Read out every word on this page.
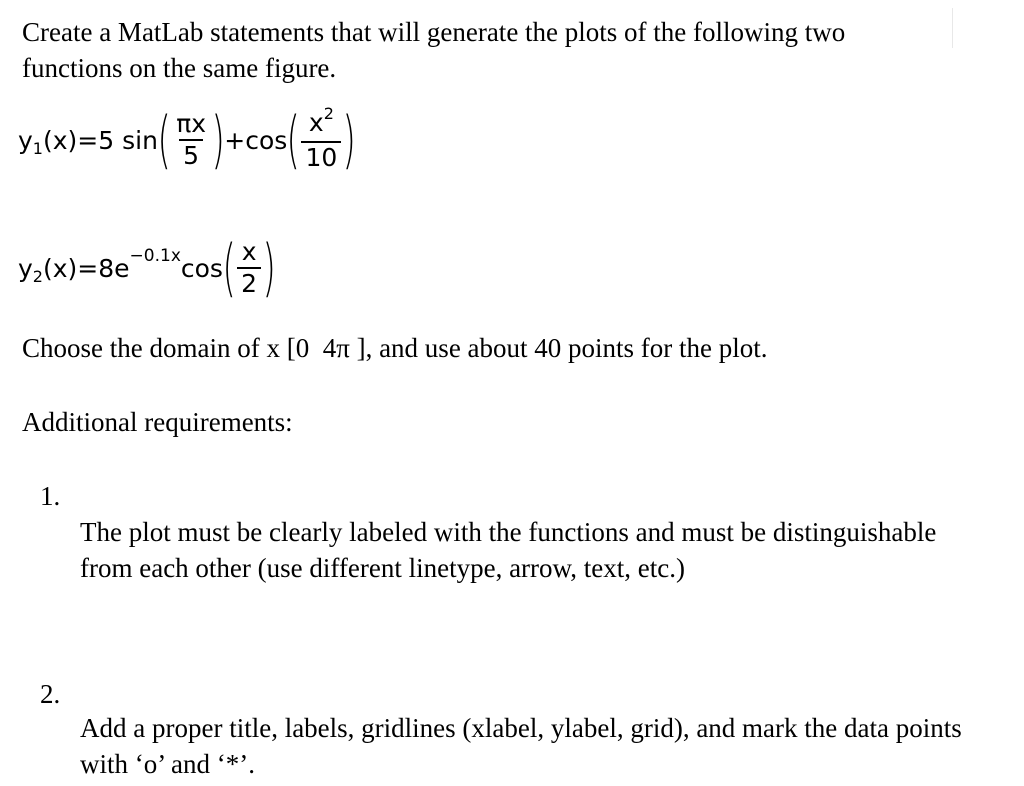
Create a MatLab statements that will generate the plots of the following two functions on the same figure.
y 1 (x) = 5 sin ( $\frac{\pi x}{5}$ ) + cos ( $\frac{x^2}{10}$ )
y 2 (x) = 8e −0.1x cos ( $\frac{x}{2}$ )
Choose the domain of x [0  4π ], and use about 40 points for the plot.
Additional requirements:
1.
The plot must be clearly labeled with the functions and must be distinguishable from each other (use different linetype, arrow, text, etc.)
2.
Add a proper title, labels, gridlines (xlabel, ylabel, grid), and mark the data points with ‘o’ and ‘*’.
